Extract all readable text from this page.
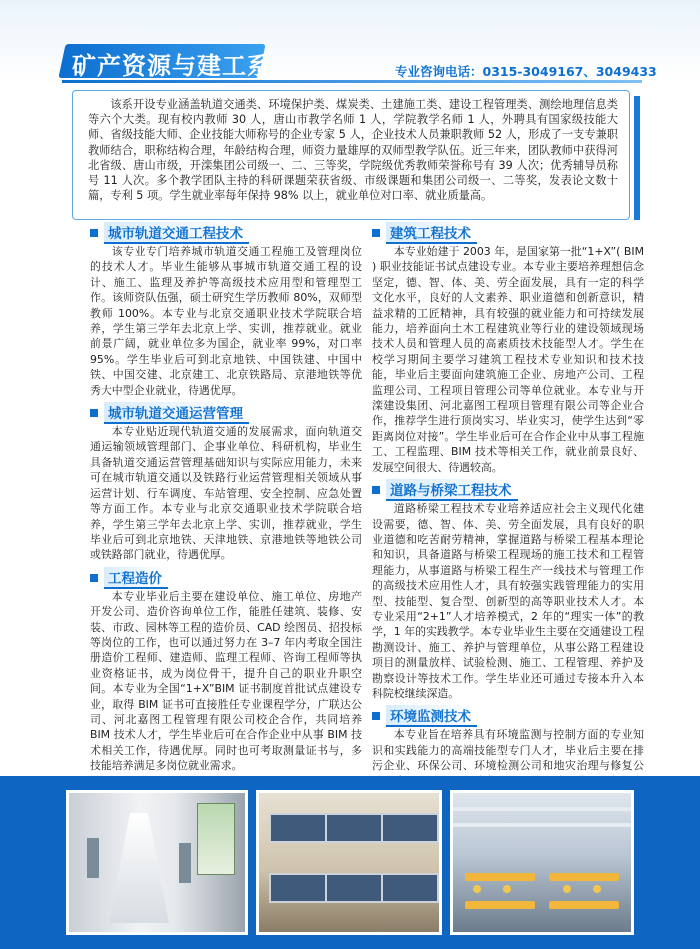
矿产资源与建工系	专业咨询电话：0315-3049167、3049433

该系开设专业涵盖轨道交通类、环境保护类、煤炭类、土建施工类、建设工程管理类、测绘地理信息类等六个大类。现有校内教师 30 人，唐山市教学名师 1 人，学院教学名师 1 人，外聘具有国家级技能大师、省级技能大师、企业技能大师称号的企业专家 5 人，企业技术人员兼职教师 52 人，形成了一支专兼职教师结合，职称结构合理，年龄结构合理，师资力量雄厚的双师型教学队伍。近三年来，团队教师中获得河北省级、唐山市级，开滦集团公司级一、二、三等奖，学院级优秀教师荣誉称号有 39 人次；优秀辅导员称号 11 人次。多个教学团队主持的科研课题荣获省级、市级课题和集团公司级一、二等奖，发表论文数十篇，专利 5 项。学生就业率每年保持 98% 以上，就业单位对口率、就业质量高。

城市轨道交通工程技术

该专业专门培养城市轨道交通工程施工及管理岗位的技术人才。毕业生能够从事城市轨道交通工程的设计、施工、监理及养护等高级技术应用型和管理型工作。该师资队伍强，硕士研究生学历教师 80%，双师型教师 100%。本专业与北京交通职业技术学院联合培养，学生第三学年去北京上学、实训，推荐就业。就业前景广阔，就业单位多为国企，就业率 99%，对口率 95%。学生毕业后可到北京地铁、中国铁建、中国中铁、中国交建、北京建工、北京铁路局、京港地铁等优秀大中型企业就业，待遇优厚。

城市轨道交通运营管理

本专业贴近现代轨道交通的发展需求，面向轨道交通运输领域管理部门、企事业单位、科研机构，毕业生具备轨道交通运营管理基础知识与实际应用能力，未来可在城市轨道交通以及铁路行业运营管理相关领域从事运营计划、行车调度、车站管理、安全控制、应急处置等方面工作。本专业与北京交通职业技术学院联合培养，学生第三学年去北京上学、实训，推荐就业，学生毕业后可到北京地铁、天津地铁、京港地铁等地铁公司或铁路部门就业，待遇优厚。

工程造价

本专业毕业后主要在建设单位、施工单位、房地产开发公司、造价咨询单位工作，能胜任建筑、装修、安装、市政、园林等工程的造价员、CAD 绘图员、招投标等岗位的工作，也可以通过努力在 3–7 年内考取全国注册造价工程师、建造师、监理工程师、咨询工程师等执业资格证书，成为岗位骨干，提升自己的职业升职空间。本专业为全国“1+X”BIM 证书制度首批试点建设专业，取得 BIM 证书可直接胜任专业课程学分，广联达公司、河北嘉图工程管理有限公司校企合作，共同培养 BIM 技术人才，学生毕业后可在合作企业中从事 BIM 技术相关工作，待遇优厚。同时也可考取测量证书与，多技能培养满足多岗位就业需求。

建筑工程技术

本专业始建于 2003 年，是国家第一批“1+X”( BIM ) 职业技能证书试点建设专业。本专业主要培养理想信念坚定，德、智、体、美、劳全面发展，具有一定的科学文化水平，良好的人文素养、职业道德和创新意识，精益求精的工匠精神，具有较强的就业能力和可持续发展能力，培养面向土木工程建筑业等行业的建设领域现场技术人员和管理人员的高素质技术技能型人才。学生在校学习期间主要学习建筑工程技术专业知识和技术技能，毕业后主要面向建筑施工企业、房地产公司、工程监理公司、工程项目管理公司等单位就业。本专业与开滦建设集团、河北嘉图工程项目管理有限公司等企业合作，推荐学生进行顶岗实习、毕业实习，使学生达到“零距离岗位对接”。学生毕业后可在合作企业中从事工程施工、工程监理、BIM 技术等相关工作，就业前景良好、发展空间很大、待遇较高。

道路与桥梁工程技术

道路桥梁工程技术专业培养适应社会主义现代化建设需要，德、智、体、美、劳全面发展，具有良好的职业道德和吃苦耐劳精神，掌握道路与桥梁工程基本理论和知识，具备道路与桥梁工程现场的施工技术和工程管理能力，从事道路与桥梁工程生产一线技术与管理工作的高级技术应用性人才，具有较强实践管理能力的实用型、技能型、复合型、创新型的高等职业技术人才。本专业采用“2+1”人才培养模式，2 年的“理实一体”的教学，1 年的实践教学。本专业毕业生主要在交通建设工程勘测设计、施工、养护与管理单位，从事公路工程建设项目的测量放样、试验检测、施工、工程管理、养护及勘察设计等技术工作。学生毕业还可通过专接本升入本科院校继续深造。

环境监测技术

本专业旨在培养具有环境监测与控制方面的专业知识和实践能力的高端技能型专门人才，毕业后主要在排污企业、环保公司、环境检测公司和地灾治理与修复公
